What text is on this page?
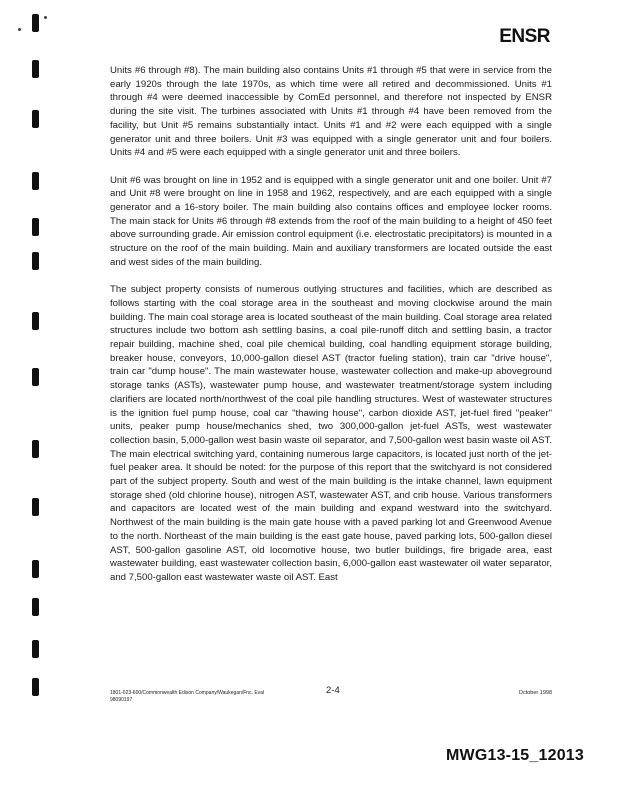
ENSR

Units #6 through #8). The main building also contains Units #1 through #5 that were in service from the early 1920s through the late 1970s, as which time were all retired and decommissioned. Units #1 through #4 were deemed inaccessible by ComEd personnel, and therefore not inspected by ENSR during the site visit. The turbines associated with Units #1 through #4 have been removed from the facility, but Unit #5 remains substantially intact. Units #1 and #2 were each equipped with a single generator unit and three boilers. Unit #3 was equipped with a single generator unit and four boilers. Units #4 and #5 were each equipped with a single generator unit and three boilers.

Unit #6 was brought on line in 1952 and is equipped with a single generator unit and one boiler. Unit #7 and Unit #8 were brought on line in 1958 and 1962, respectively, and are each equipped with a single generator and a 16-story boiler. The main building also contains offices and employee locker rooms. The main stack for Units #6 through #8 extends from the roof of the main building to a height of 450 feet above surrounding grade. Air emission control equipment (i.e. electrostatic precipitators) is mounted in a structure on the roof of the main building. Main and auxiliary transformers are located outside the east and west sides of the main building.

The subject property consists of numerous outlying structures and facilities, which are described as follows starting with the coal storage area in the southeast and moving clockwise around the main building. The main coal storage area is located southeast of the main building. Coal storage area related structures include two bottom ash settling basins, a coal pile-runoff ditch and settling basin, a tractor repair building, machine shed, coal pile chemical building, coal handling equipment storage building, breaker house, conveyors, 10,000-gallon diesel AST (tractor fueling station), train car "drive house", train car "dump house". The main wastewater house, wastewater collection and make-up aboveground storage tanks (ASTs), wastewater pump house, and wastewater treatment/storage system including clarifiers are located north/northwest of the coal pile handling structures. West of wastewater structures is the ignition fuel pump house, coal car "thawing house", carbon dioxide AST, jet-fuel fired "peaker" units, peaker pump house/mechanics shed, two 300,000-gallon jet-fuel ASTs, west wastewater collection basin, 5,000-gallon west basin waste oil separator, and 7,500-gallon west basin waste oil AST. The main electrical switching yard, containing numerous large capacitors, is located just north of the jet-fuel peaker area. It should be noted: for the purpose of this report that the switchyard is not considered part of the subject property. South and west of the main building is the intake channel, lawn equipment storage shed (old chlorine house), nitrogen AST, wastewater AST, and crib house. Various transformers and capacitors are located west of the main building and expand westward into the switchyard. Northwest of the main building is the main gate house with a paved parking lot and Greenwood Avenue to the north. Northeast of the main building is the east gate house, paved parking lots, 500-gallon diesel AST, 500-gallon gasoline AST, old locomotive house, two butler buildings, fire brigade area, east wastewater building, east wastewater collection basin, 6,000-gallon east wastewater oil water separator, and 7,500-gallon east wastewater waste oil AST. East

1801-023-600/Commonwealth Edison Company/Waukegan/Fnc. Eval
98090197
2-4	October 1998
MWG13-15_12013
